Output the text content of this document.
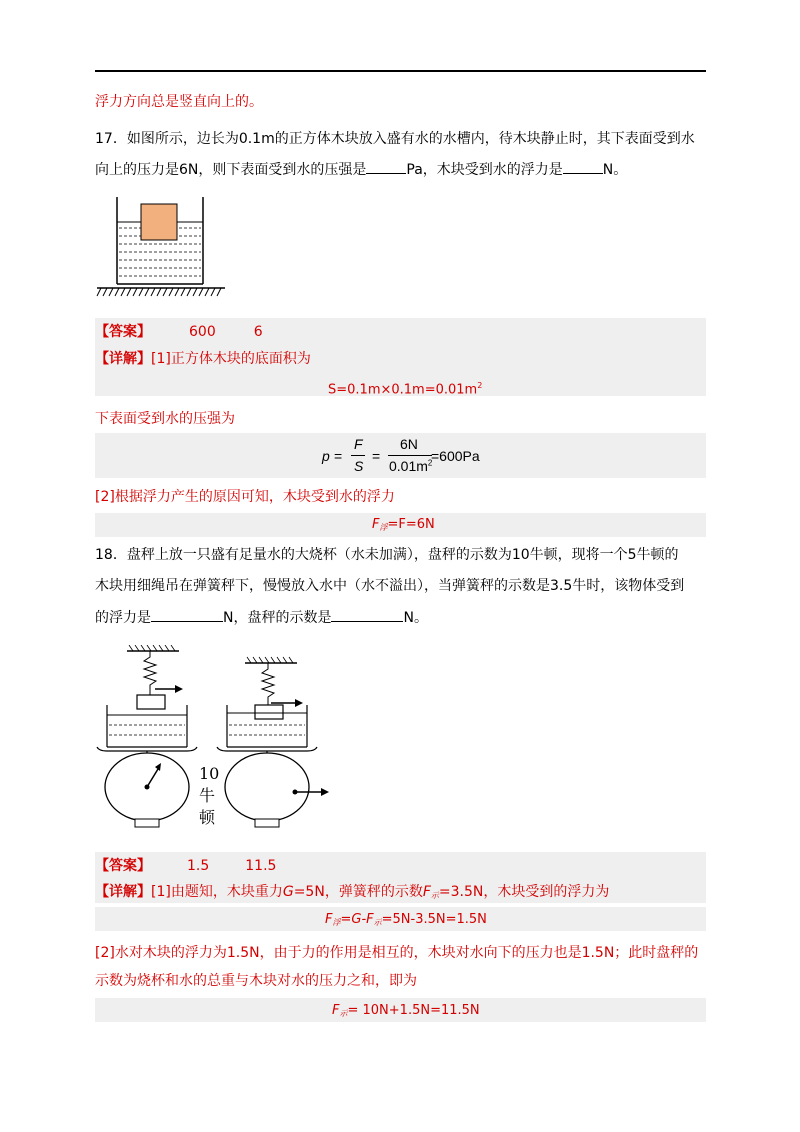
浮力方向总是竖直向上的。
17．如图所示，边长为0.1m的正方体木块放入盛有水的水槽内，待木块静止时，其下表面受到水
向上的压力是6N，则下表面受到水的压强是	Pa，木块受到水的浮力是	N。
【答案】	600	6
【详解】[1]正方体木块的底面积为
$S=0.1m\times 0.1m=0.01m^2$
下表面受到水的压强为
p =
F
S
=
6N
$0.01m^2$
=600Pa
[2]根据浮力产生的原因可知，木块受到水的浮力
$F_浮=F=6N$
18．盘秤上放一只盛有足量水的大烧杯（水未加满），盘秤的示数为10牛顿，现将一个5牛顿的
木块用细绳吊在弹簧秤下，慢慢放入水中（水不溢出），当弹簧秤的示数是3.5牛时，该物体受到
的浮力是	N，盘秤的示数是	N。
10
牛
顿
【答案】	1.5	11.5
【详解】[1]由题知，木块重力G=5N，弹簧秤的示数$F_示=3.5N$，木块受到的浮力为
$F_浮=G-F_示=5N-3.5N=1.5N$
[2]水对木块的浮力为1.5N，由于力的作用是相互的，木块对水向下的压力也是1.5N；此时盘秤的
示数为烧杯和水的总重与木块对水的压力之和，即为
$F_示= 10N+1.5N=11.5N$
